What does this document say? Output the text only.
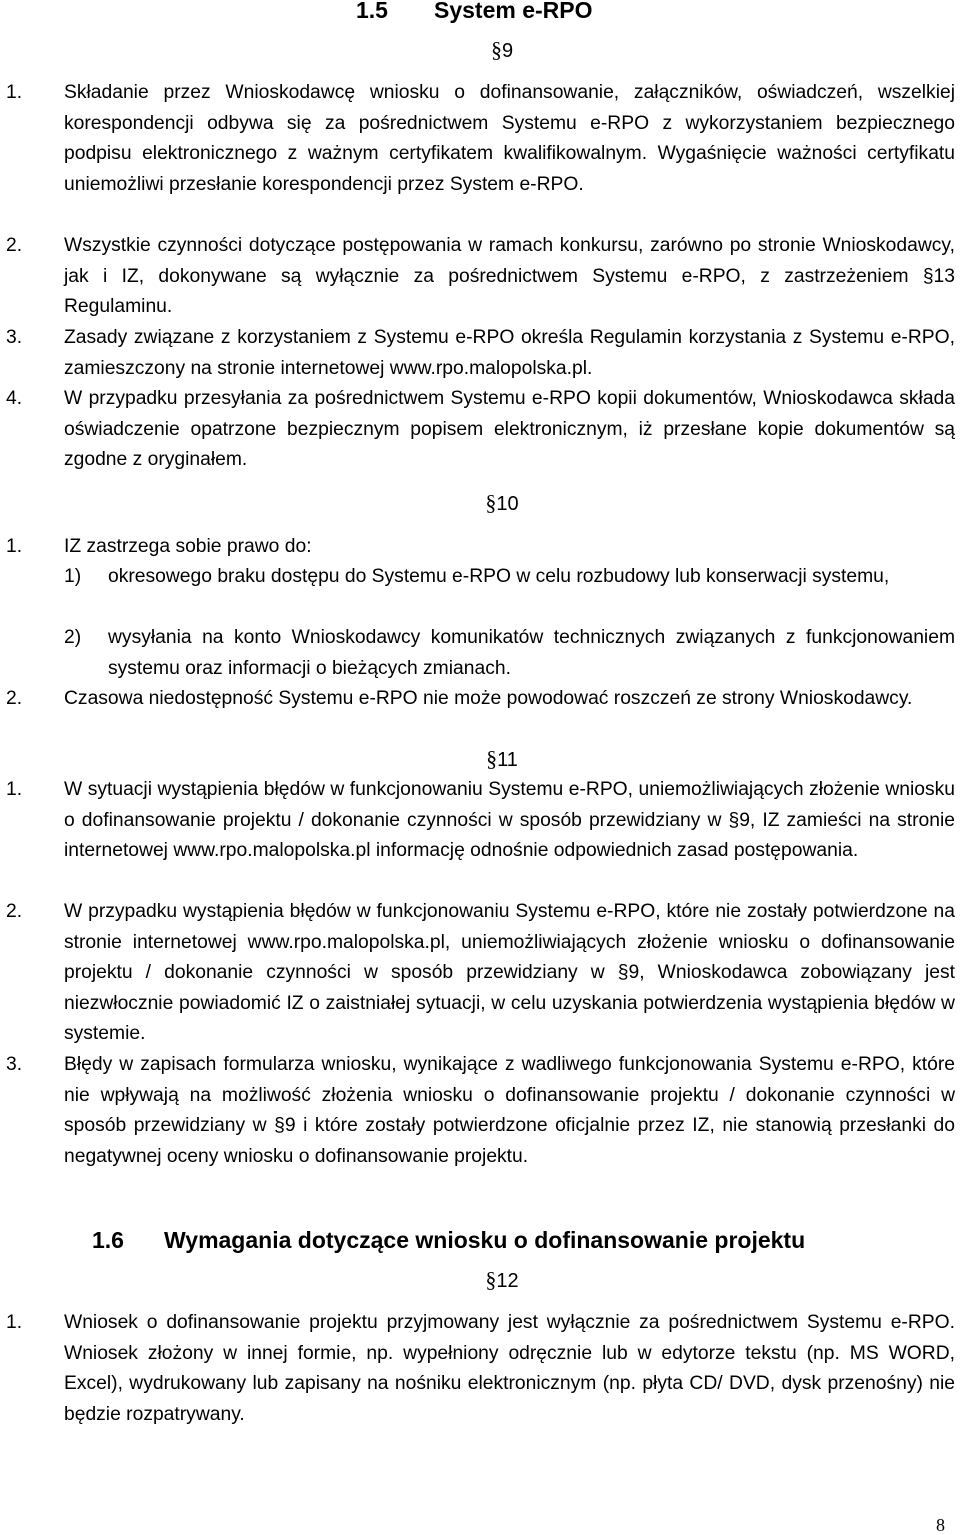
1.5 System e-RPO
§9
1. Składanie przez Wnioskodawcę wniosku o dofinansowanie, załączników, oświadczeń, wszelkiej korespondencji odbywa się za pośrednictwem Systemu e-RPO z wykorzystaniem bezpiecznego podpisu elektronicznego z ważnym certyfikatem kwalifikowalnym. Wygaśnięcie ważności certyfikatu uniemożliwi przesłanie korespondencji przez System e-RPO.
2. Wszystkie czynności dotyczące postępowania w ramach konkursu, zarówno po stronie Wnioskodawcy, jak i IZ, dokonywane są wyłącznie za pośrednictwem Systemu e-RPO, z zastrzeżeniem §13 Regulaminu.
3. Zasady związane z korzystaniem z Systemu e-RPO określa Regulamin korzystania z Systemu e-RPO, zamieszczony na stronie internetowej www.rpo.malopolska.pl.
4. W przypadku przesyłania za pośrednictwem Systemu e-RPO kopii dokumentów, Wnioskodawca składa oświadczenie opatrzone bezpiecznym popisem elektronicznym, iż przesłane kopie dokumentów są zgodne z oryginałem.
§10
1. IZ zastrzega sobie prawo do:
1) okresowego braku dostępu do Systemu e-RPO w celu rozbudowy lub konserwacji systemu,
2) wysyłania na konto Wnioskodawcy komunikatów technicznych związanych z funkcjonowaniem systemu oraz informacji o bieżących zmianach.
2. Czasowa niedostępność Systemu e-RPO nie może powodować roszczeń ze strony Wnioskodawcy.
§11
1. W sytuacji wystąpienia błędów w funkcjonowaniu Systemu e-RPO, uniemożliwiających złożenie wniosku o dofinansowanie projektu / dokonanie czynności w sposób przewidziany w §9, IZ zamieści na stronie internetowej www.rpo.malopolska.pl informację odnośnie odpowiednich zasad postępowania.
2. W przypadku wystąpienia błędów w funkcjonowaniu Systemu e-RPO, które nie zostały potwierdzone na stronie internetowej www.rpo.malopolska.pl, uniemożliwiających złożenie wniosku o dofinansowanie projektu / dokonanie czynności w sposób przewidziany w §9, Wnioskodawca zobowiązany jest niezwłocznie powiadomić IZ o zaistniałej sytuacji, w celu uzyskania potwierdzenia wystąpienia błędów w systemie.
3. Błędy w zapisach formularza wniosku, wynikające z wadliwego funkcjonowania Systemu e-RPO, które nie wpływają na możliwość złożenia wniosku o dofinansowanie projektu / dokonanie czynności w sposób przewidziany w §9 i które zostały potwierdzone oficjalnie przez IZ, nie stanowią przesłanki do negatywnej oceny wniosku o dofinansowanie projektu.
1.6 Wymagania dotyczące wniosku o dofinansowanie projektu
§12
1. Wniosek o dofinansowanie projektu przyjmowany jest wyłącznie za pośrednictwem Systemu e-RPO. Wniosek złożony w innej formie, np. wypełniony odręcznie lub w edytorze tekstu (np. MS WORD, Excel), wydrukowany lub zapisany na nośniku elektronicznym (np. płyta CD/ DVD, dysk przenośny) nie będzie rozpatrywany.
8
